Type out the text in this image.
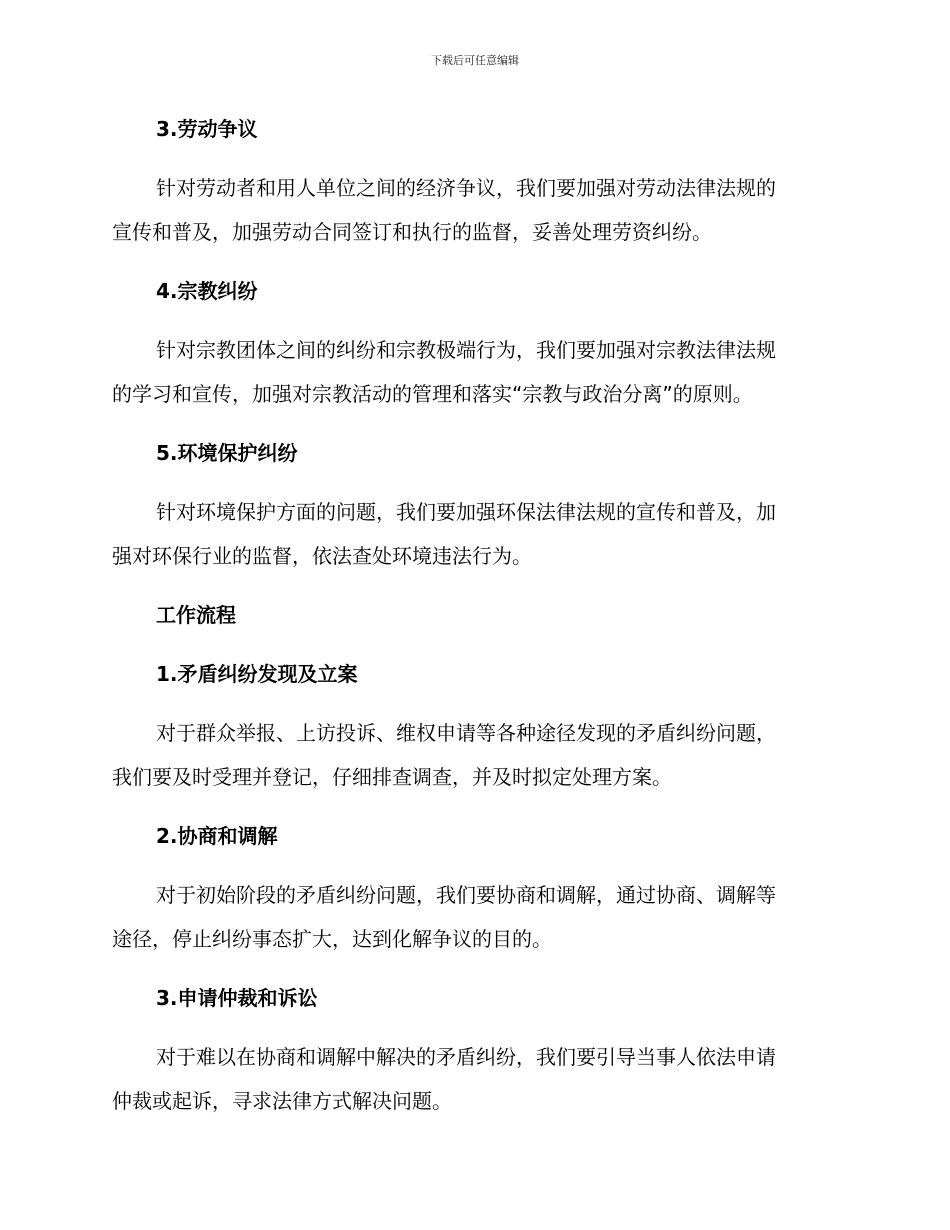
下载后可任意编辑
3.劳动争议
针对劳动者和用人单位之间的经济争议，我们要加强对劳动法律法规的
宣传和普及，加强劳动合同签订和执行的监督，妥善处理劳资纠纷。
4.宗教纠纷
针对宗教团体之间的纠纷和宗教极端行为，我们要加强对宗教法律法规
的学习和宣传，加强对宗教活动的管理和落实“宗教与政治分离”的原则。
5.环境保护纠纷
针对环境保护方面的问题，我们要加强环保法律法规的宣传和普及，加
强对环保行业的监督，依法查处环境违法行为。
工作流程
1.矛盾纠纷发现及立案
对于群众举报、上访投诉、维权申请等各种途径发现的矛盾纠纷问题，
我们要及时受理并登记，仔细排查调查，并及时拟定处理方案。
2.协商和调解
对于初始阶段的矛盾纠纷问题，我们要协商和调解，通过协商、调解等
途径，停止纠纷事态扩大，达到化解争议的目的。
3.申请仲裁和诉讼
对于难以在协商和调解中解决的矛盾纠纷，我们要引导当事人依法申请
仲裁或起诉，寻求法律方式解决问题。
